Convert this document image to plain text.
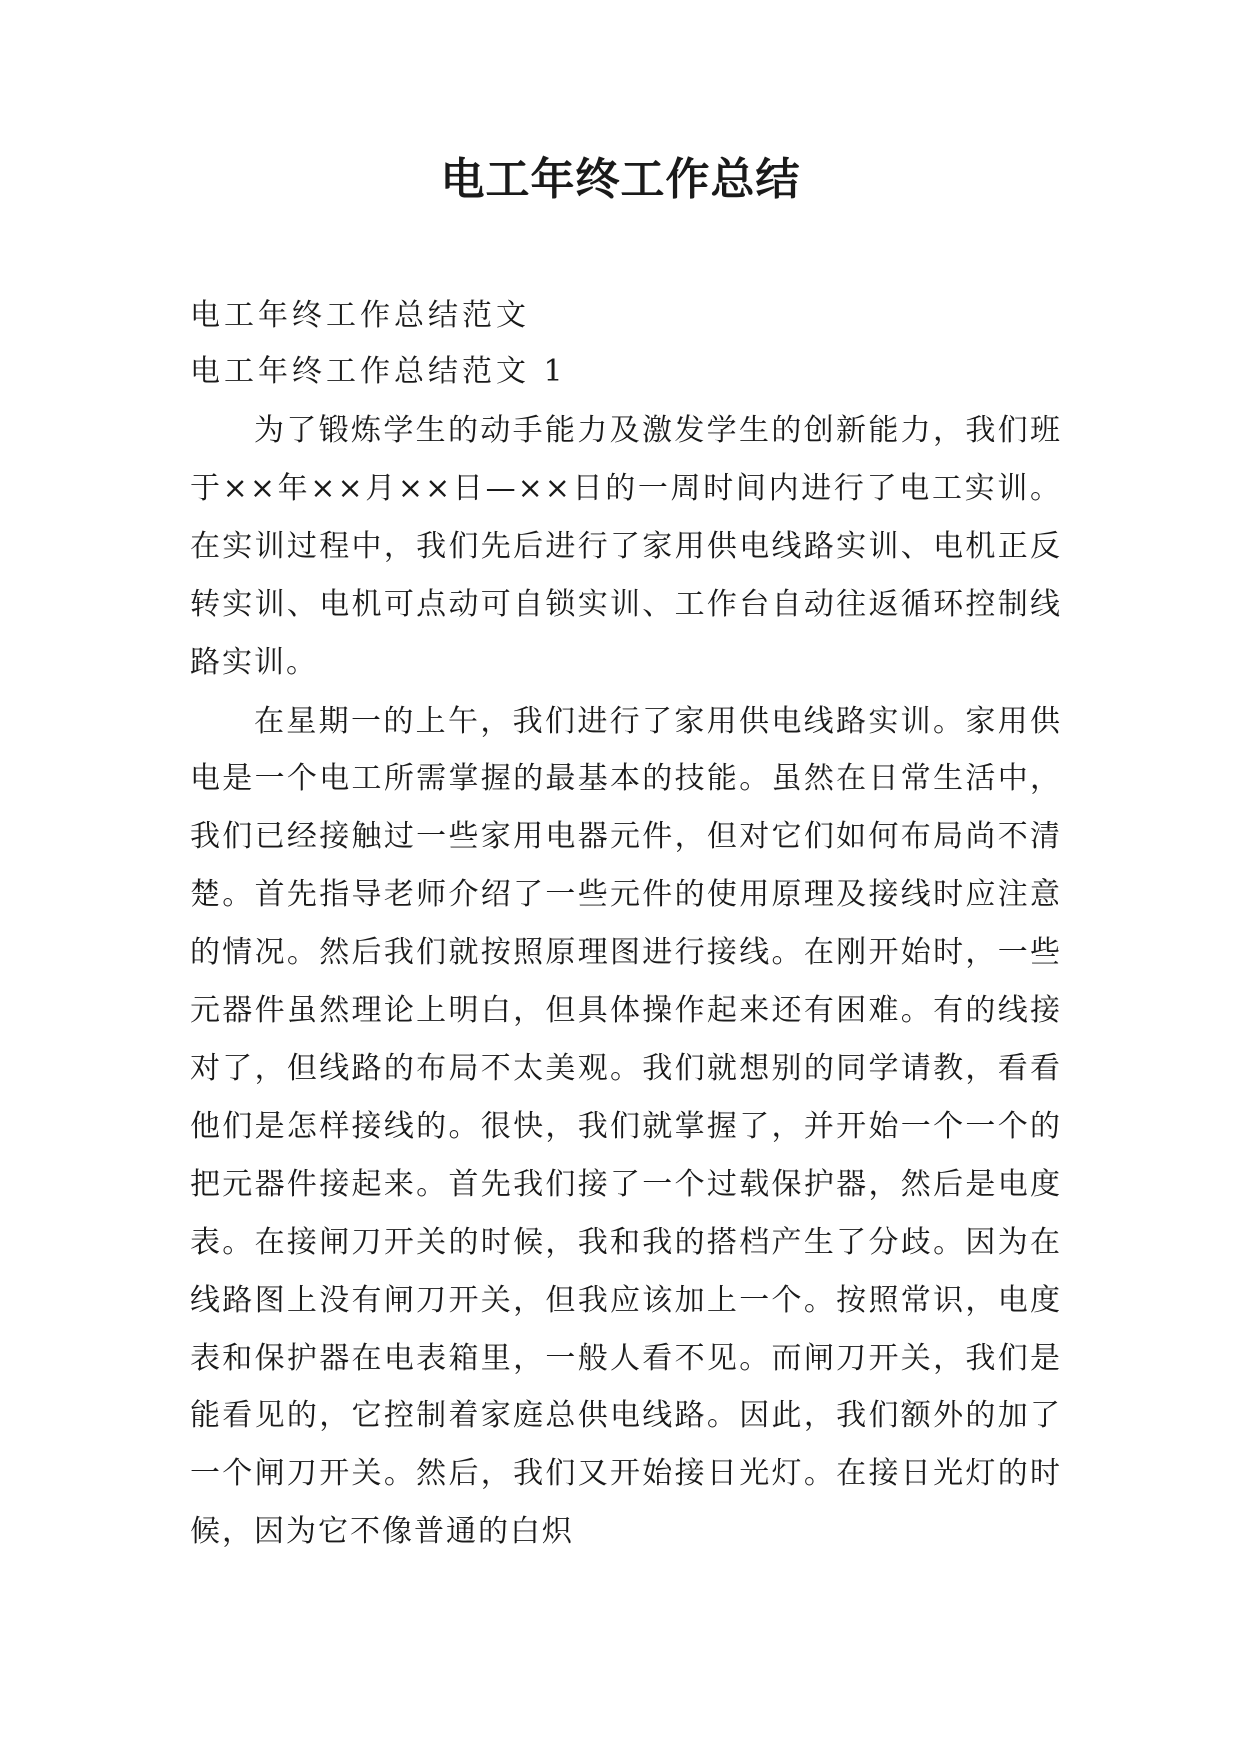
电工年终工作总结
电工年终工作总结范文
电工年终工作总结范文 1

为了锻炼学生的动手能力及激发学生的创新能力，我们班于××年××月××日—××日的一周时间内进行了电工实训。在实训过程中，我们先后进行了家用供电线路实训、电机正反转实训、电机可点动可自锁实训、工作台自动往返循环控制线路实训。

在星期一的上午，我们进行了家用供电线路实训。家用供电是一个电工所需掌握的最基本的技能。虽然在日常生活中，我们已经接触过一些家用电器元件，但对它们如何布局尚不清楚。首先指导老师介绍了一些元件的使用原理及接线时应注意的情况。然后我们就按照原理图进行接线。在刚开始时，一些元器件虽然理论上明白，但具体操作起来还有困难。有的线接对了，但线路的布局不太美观。我们就想别的同学请教，看看他们是怎样接线的。很快，我们就掌握了，并开始一个一个的把元器件接起来。首先我们接了一个过载保护器，然后是电度表。在接闸刀开关的时候，我和我的搭档产生了分歧。因为在线路图上没有闸刀开关，但我应该加上一个。按照常识，电度表和保护器在电表箱里，一般人看不见。而闸刀开关，我们是能看见的，它控制着家庭总供电线路。因此，我们额外的加了一个闸刀开关。然后，我们又开始接日光灯。在接日光灯的时候，因为它不像普通的白炽
